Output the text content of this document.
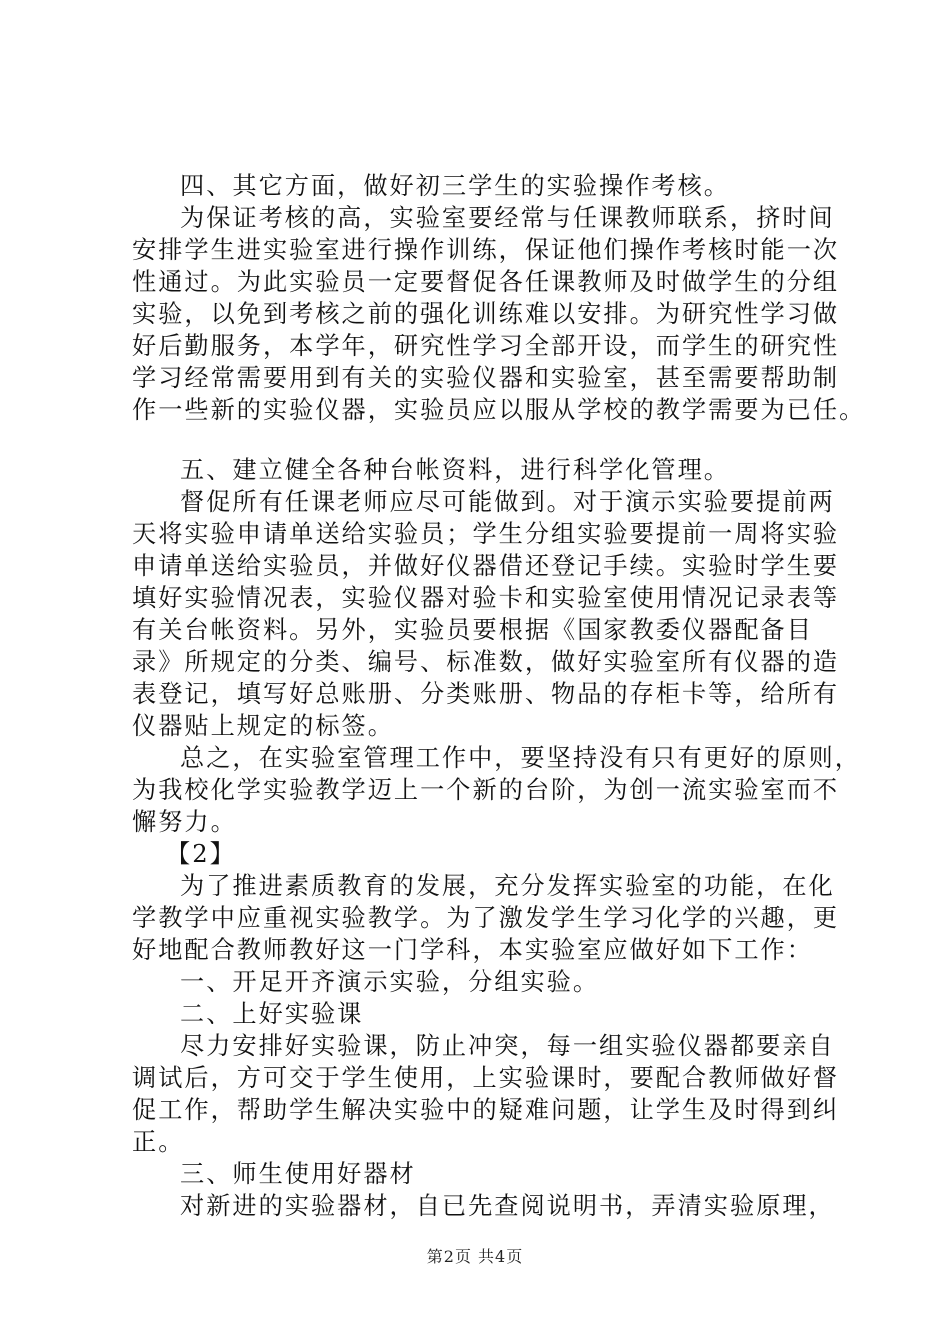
四、其它方面，做好初三学生的实验操作考核。
为保证考核的高，实验室要经常与任课教师联系，挤时间
安排学生进实验室进行操作训练，保证他们操作考核时能一次
性通过。为此实验员一定要督促各任课教师及时做学生的分组
实验，以免到考核之前的强化训练难以安排。为研究性学习做
好后勤服务，本学年，研究性学习全部开设，而学生的研究性
学习经常需要用到有关的实验仪器和实验室，甚至需要帮助制
作一些新的实验仪器，实验员应以服从学校的教学需要为已任。
五、建立健全各种台帐资料，进行科学化管理。
督促所有任课老师应尽可能做到。对于演示实验要提前两
天将实验申请单送给实验员；学生分组实验要提前一周将实验
申请单送给实验员，并做好仪器借还登记手续。实验时学生要
填好实验情况表，实验仪器对验卡和实验室使用情况记录表等
有关台帐资料。另外，实验员要根据《国家教委仪器配备目
录》所规定的分类、编号、标准数，做好实验室所有仪器的造
表登记，填写好总账册、分类账册、物品的存柜卡等，给所有
仪器贴上规定的标签。
总之，在实验室管理工作中，要坚持没有只有更好的原则，
为我校化学实验教学迈上一个新的台阶，为创一流实验室而不
懈努力。
【2】
为了推进素质教育的发展，充分发挥实验室的功能，在化
学教学中应重视实验教学。为了激发学生学习化学的兴趣，更
好地配合教师教好这一门学科，本实验室应做好如下工作：
一、开足开齐演示实验，分组实验。
二、上好实验课
尽力安排好实验课，防止冲突，每一组实验仪器都要亲自
调试后，方可交于学生使用，上实验课时，要配合教师做好督
促工作，帮助学生解决实验中的疑难问题，让学生及时得到纠
正。
三、师生使用好器材
对新进的实验器材，自已先查阅说明书，弄清实验原理，
第2页 共4页
